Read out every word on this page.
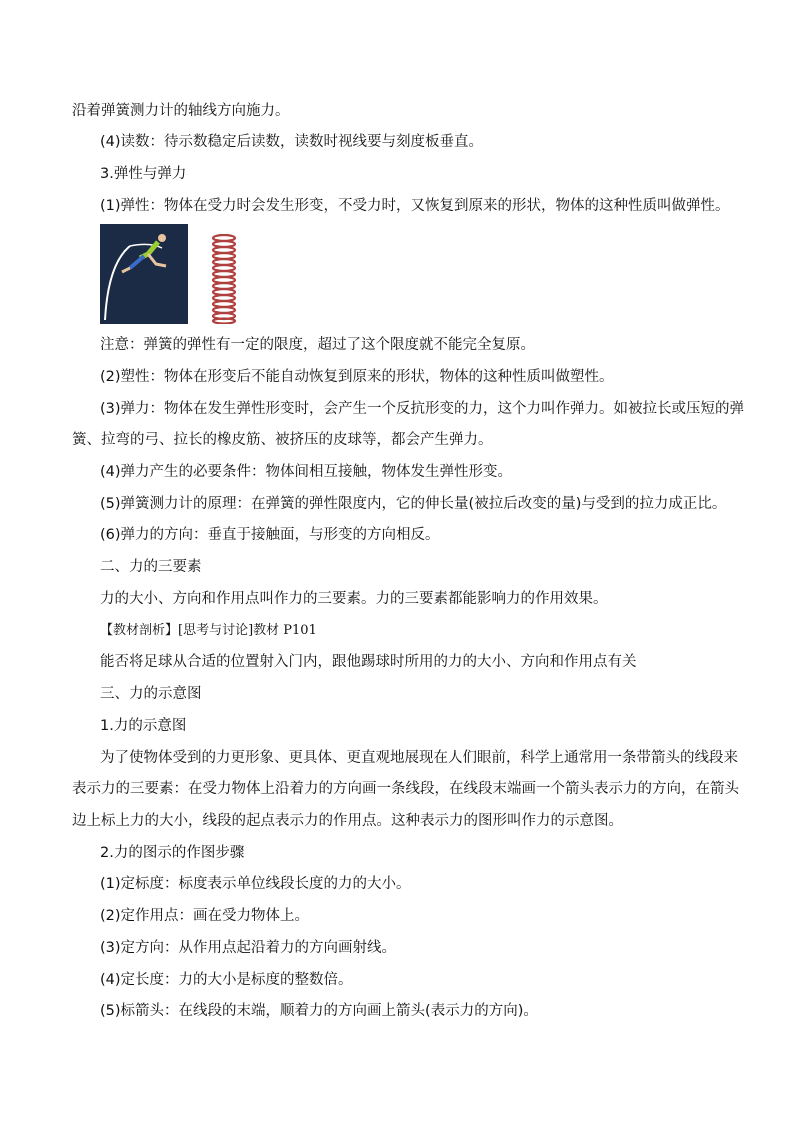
沿着弹簧测力计的轴线方向施力。
(4)读数：待示数稳定后读数，读数时视线要与刻度板垂直。
3.弹性与弹力
(1)弹性：物体在受力时会发生形变，不受力时，又恢复到原来的形状，物体的这种性质叫做弹性。
注意：弹簧的弹性有一定的限度，超过了这个限度就不能完全复原。
(2)塑性：物体在形变后不能自动恢复到原来的形状，物体的这种性质叫做塑性。
(3)弹力：物体在发生弹性形变时，会产生一个反抗形变的力，这个力叫作弹力。如被拉长或压短的弹
簧、拉弯的弓、拉长的橡皮筋、被挤压的皮球等，都会产生弹力。
(4)弹力产生的必要条件：物体间相互接触，物体发生弹性形变。
(5)弹簧测力计的原理：在弹簧的弹性限度内，它的伸长量(被拉后改变的量)与受到的拉力成正比。
(6)弹力的方向：垂直于接触面，与形变的方向相反。
二、力的三要素
力的大小、方向和作用点叫作力的三要素。力的三要素都能影响力的作用效果。
【教材剖析】[思考与讨论]教材 P101
能否将足球从合适的位置射入门内，跟他踢球时所用的力的大小、方向和作用点有关
三、力的示意图
1.力的示意图
为了使物体受到的力更形象、更具体、更直观地展现在人们眼前，科学上通常用一条带箭头的线段来
表示力的三要素：在受力物体上沿着力的方向画一条线段，在线段末端画一个箭头表示力的方向，在箭头
边上标上力的大小，线段的起点表示力的作用点。这种表示力的图形叫作力的示意图。
2.力的图示的作图步骤
(1)定标度：标度表示单位线段长度的力的大小。
(2)定作用点：画在受力物体上。
(3)定方向：从作用点起沿着力的方向画射线。
(4)定长度：力的大小是标度的整数倍。
(5)标箭头：在线段的末端，顺着力的方向画上箭头(表示力的方向)。
